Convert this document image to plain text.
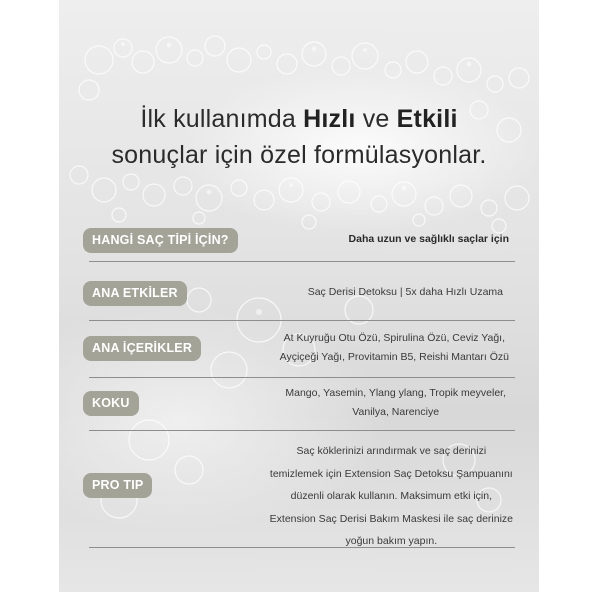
İlk kullanımda Hızlı ve Etkili
sonuçlar için özel formülasyonlar.
HANGİ SAÇ TİPİ İÇİN?	Daha uzun ve sağlıklı saçlar için
ANA ETKİLER	Saç Derisi Detoksu | 5x daha Hızlı Uzama
ANA İÇERİKLER
At Kuyruğu Otu Özü, Spirulina Özü, Ceviz Yağı,
Ayçiçeği Yağı, Provitamin B5, Reishi Mantarı Özü
KOKU
Mango, Yasemin, Ylang ylang, Tropik meyveler,
Vanilya, Narenciye
PRO TIP
Saç köklerinizi arındırmak ve saç derinizi
temizlemek için Extension Saç Detoksu Şampuanını
düzenli olarak kullanın. Maksimum etki için,
Extension Saç Derisi Bakım Maskesi ile saç derinize
yoğun bakım yapın.
